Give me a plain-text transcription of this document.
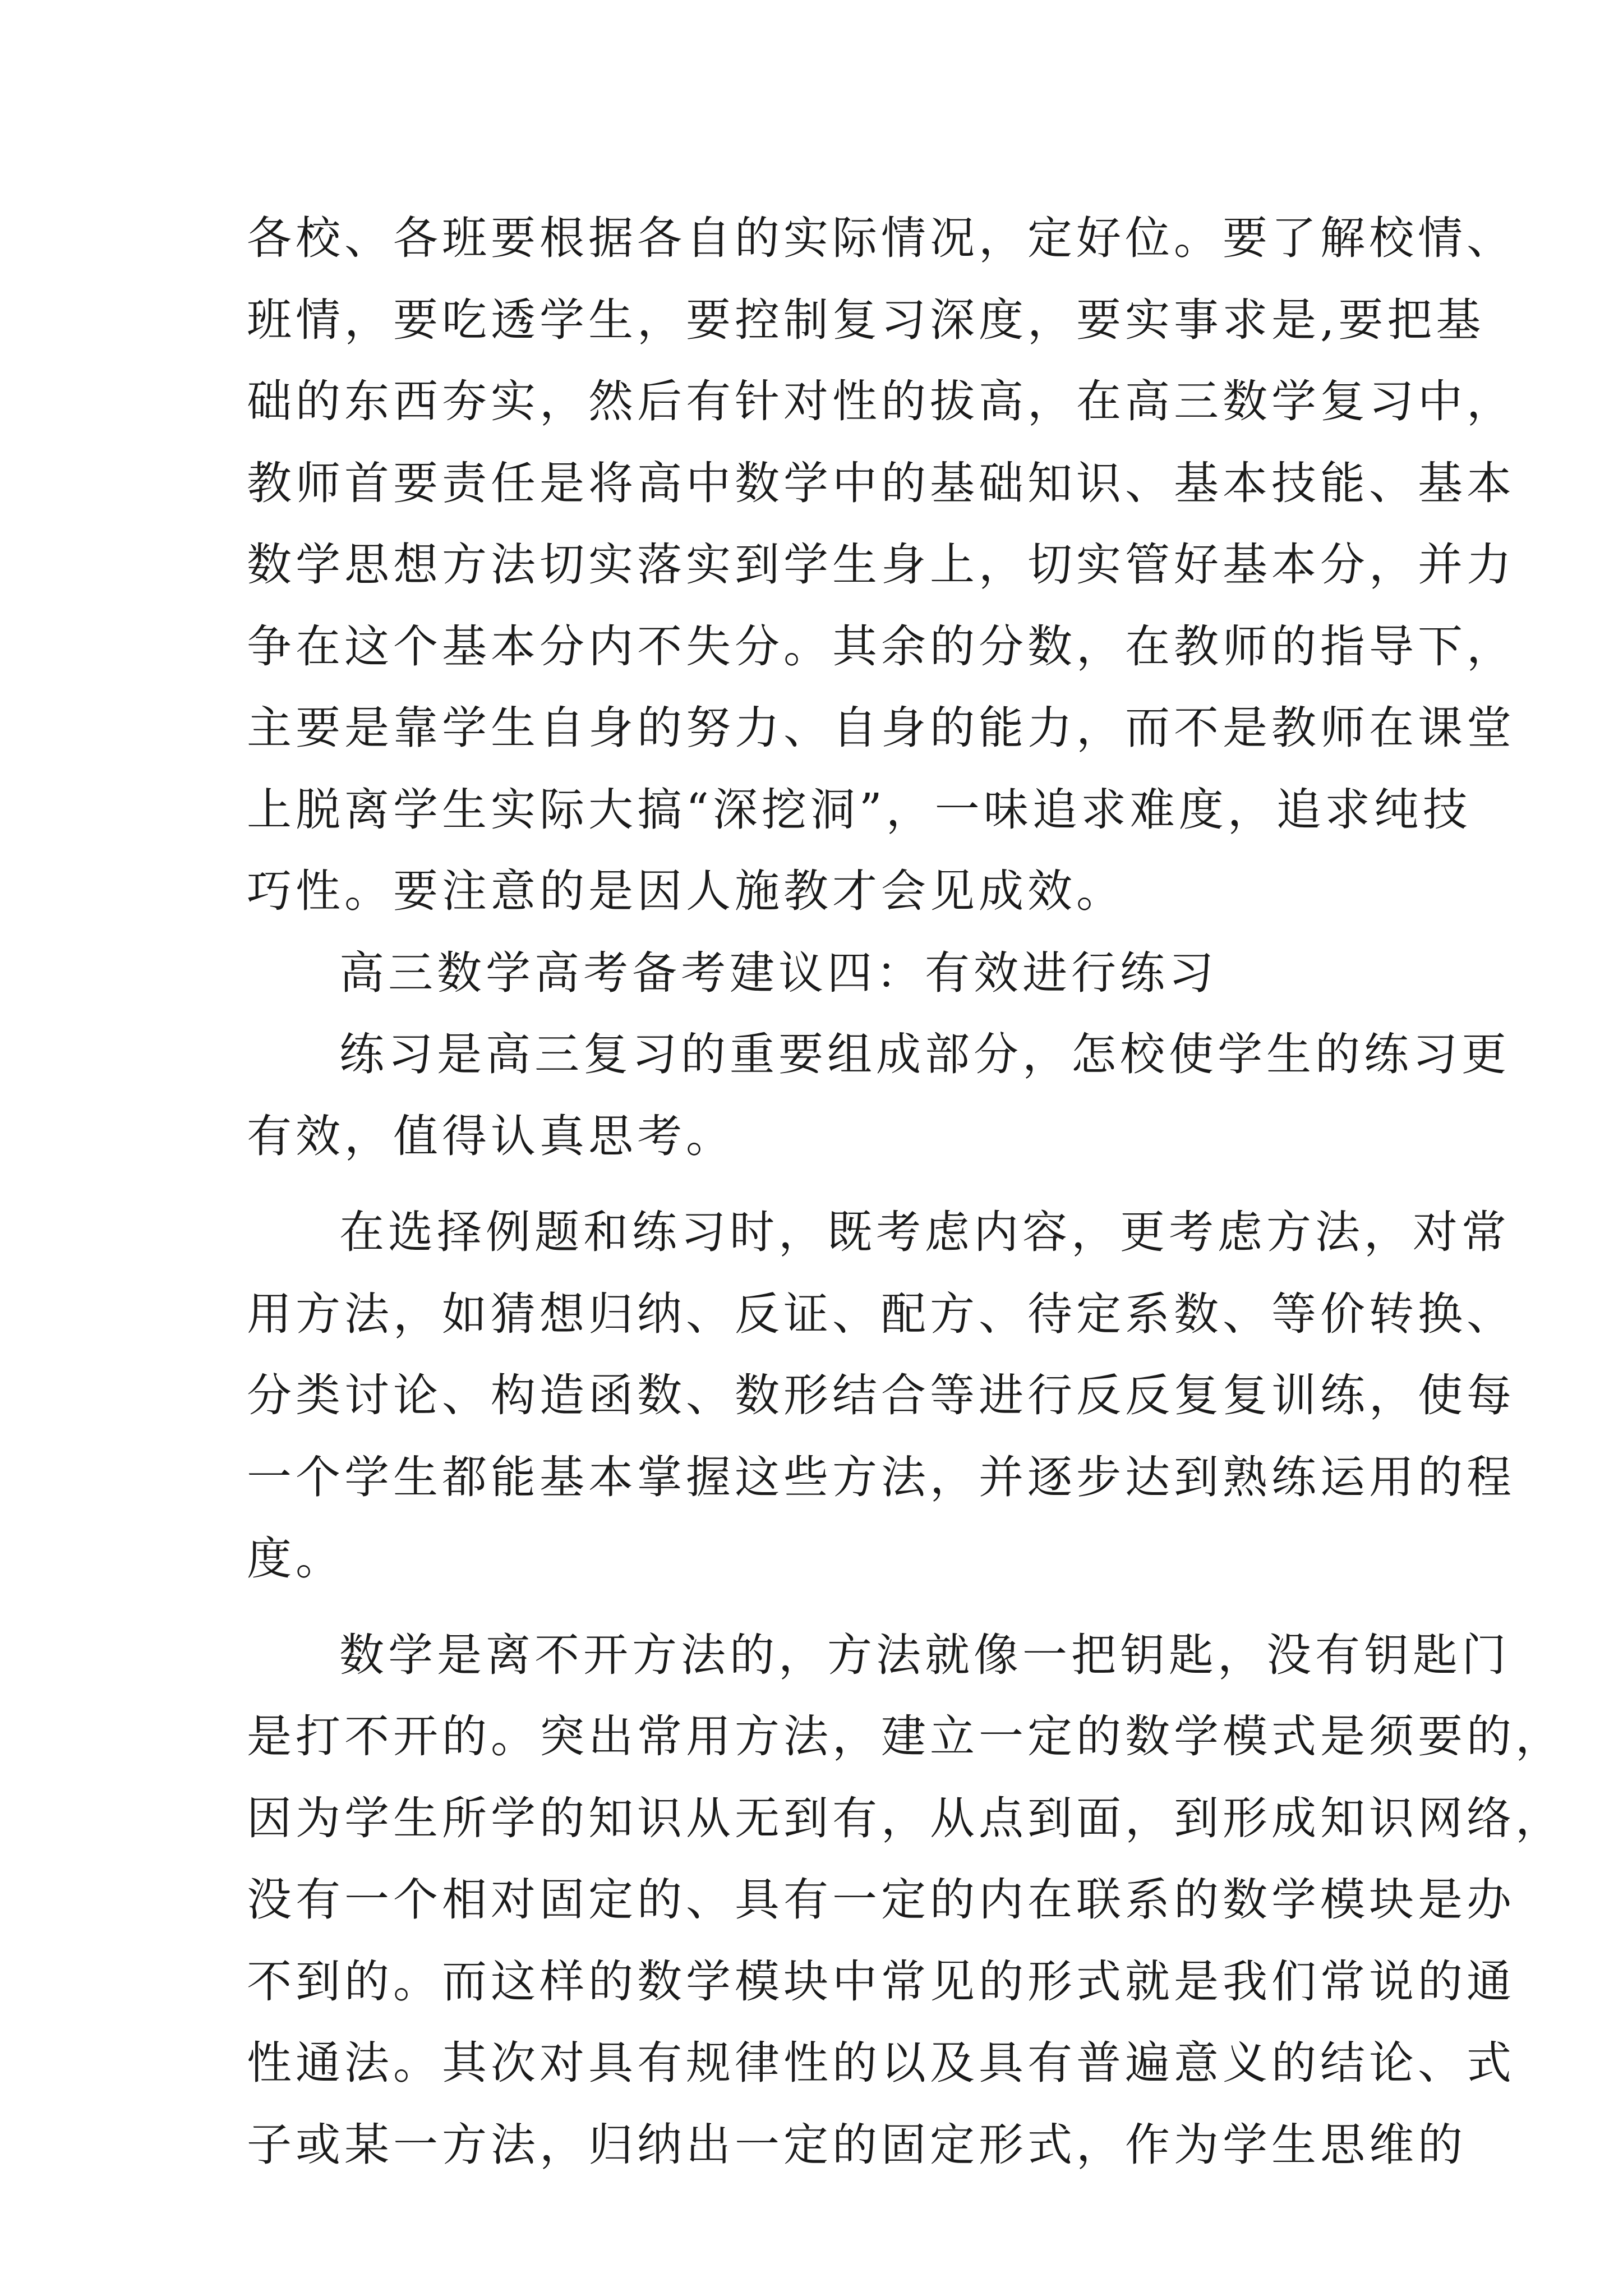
各校、各班要根据各自的实际情况，定好位。要了解校情、
班情，要吃透学生，要控制复习深度，要实事求是,要把基
础的东西夯实，然后有针对性的拔高，在高三数学复习中，
教师首要责任是将高中数学中的基础知识、基本技能、基本
数学思想方法切实落实到学生身上，切实管好基本分，并力
争在这个基本分内不失分。其余的分数，在教师的指导下，
主要是靠学生自身的努力、自身的能力，而不是教师在课堂
上脱离学生实际大搞“深挖洞”，一味追求难度，追求纯技
巧性。要注意的是因人施教才会见成效。
高三数学高考备考建议四：有效进行练习
练习是高三复习的重要组成部分，怎校使学生的练习更
有效，值得认真思考。
在选择例题和练习时，既考虑内容，更考虑方法，对常
用方法，如猜想归纳、反证、配方、待定系数、等价转换、
分类讨论、构造函数、数形结合等进行反反复复训练，使每
一个学生都能基本掌握这些方法，并逐步达到熟练运用的程
度。
数学是离不开方法的，方法就像一把钥匙，没有钥匙门
是打不开的。突出常用方法，建立一定的数学模式是须要的，
因为学生所学的知识从无到有，从点到面，到形成知识网络，
没有一个相对固定的、具有一定的内在联系的数学模块是办
不到的。而这样的数学模块中常见的形式就是我们常说的通
性通法。其次对具有规律性的以及具有普遍意义的结论、式
子或某一方法，归纳出一定的固定形式，作为学生思维的
